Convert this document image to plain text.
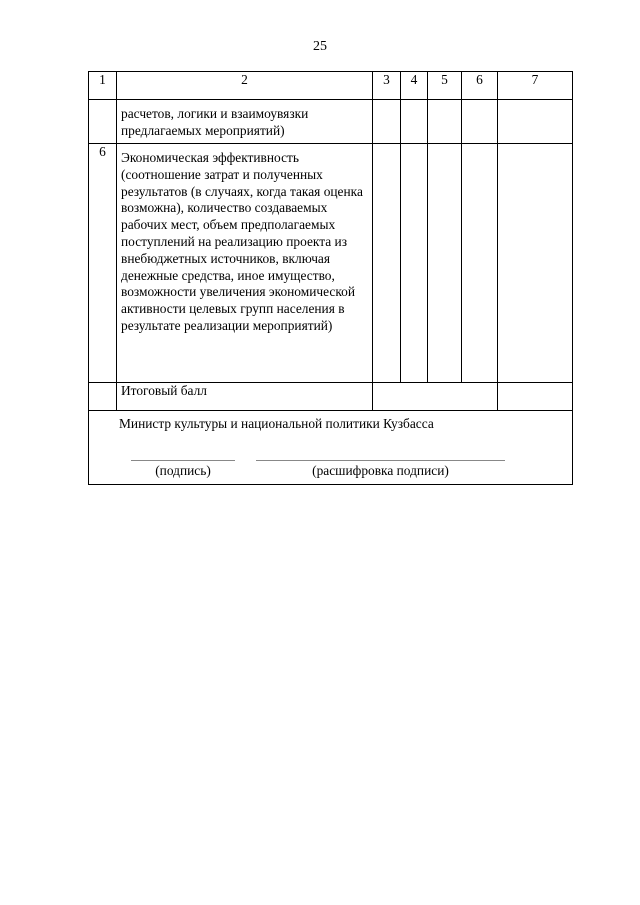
25
1	2	3	4	5	6	7

	расчетов, логики и взаимоувязки предлагаемых мероприятий)					

6	Экономическая эффективность (соотношение затрат и полученных результатов (в случаях, когда такая оценка возможна), количество создаваемых рабочих мест, объем предполагаемых поступлений на реализацию проекта из внебюджетных источников, включая денежные средства, иное имущество, возможности увеличения экономической активности целевых групп населения в результате реализации мероприятий)					

	Итоговый балл					

Министр культуры и национальной политики Кузбасса
(подпись) (расшифровка подписи)						
